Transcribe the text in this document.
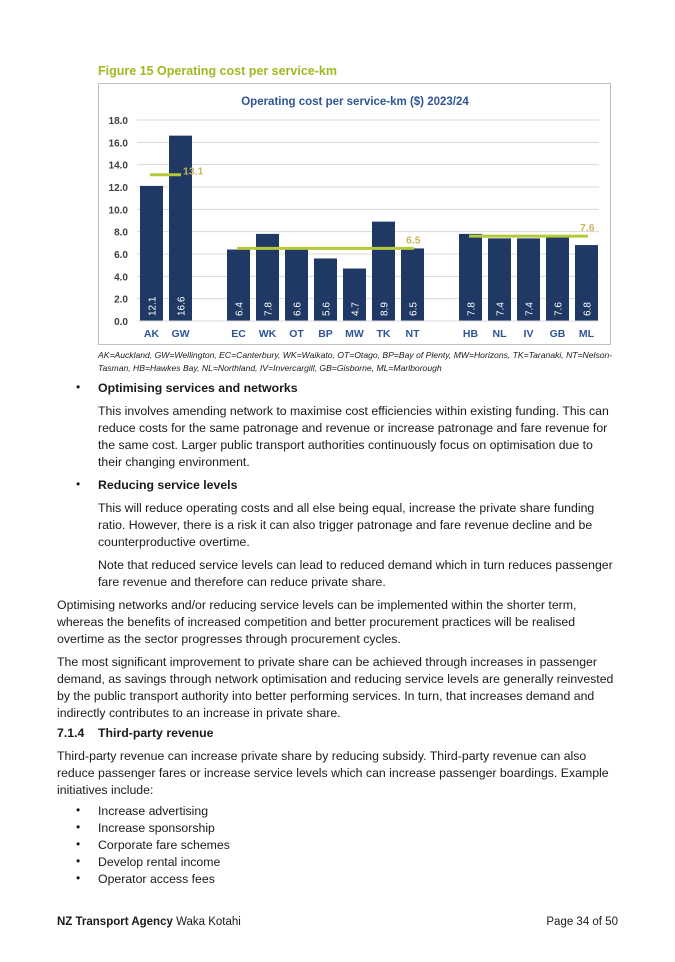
Figure 15 Operating cost per service-km
Operating cost per service-km ($) 2023/24
0.0
2.0
4.0
6.0
8.0
10.0
12.0
14.0
16.0
18.0
12.1
AK
16.6
GW
13.1
6.4
EC
7.8
WK
6.6
OT
5.6
BP
4.7
MW
8.9
TK
6.5
NT
6.5
7.8
HB
7.4
NL
7.4
IV
7.6
GB
6.8
ML
7.6
AK=Auckland, GW=Wellington, EC=Canterbury, WK=Waikato, OT=Otago, BP=Bay of Plenty, MW=Horizons, TK=Taranaki, NT=Nelson-Tasman, HB=Hawkes Bay, NL=Northland, IV=Invercargill, GB=Gisborne, ML=Marlborough
• Optimising services and networks
This involves amending network to maximise cost efficiencies within existing funding. This can reduce costs for the same patronage and revenue or increase patronage and fare revenue for the same cost. Larger public transport authorities continuously focus on optimisation due to their changing environment.
• Reducing service levels
This will reduce operating costs and all else being equal, increase the private share funding ratio. However, there is a risk it can also trigger patronage and fare revenue decline and be counterproductive overtime.
Note that reduced service levels can lead to reduced demand which in turn reduces passenger fare revenue and therefore can reduce private share.
Optimising networks and/or reducing service levels can be implemented within the shorter term, whereas the benefits of increased competition and better procurement practices will be realised overtime as the sector progresses through procurement cycles.
The most significant improvement to private share can be achieved through increases in passenger demand, as savings through network optimisation and reducing service levels are generally reinvested by the public transport authority into better performing services. In turn, that increases demand and indirectly contributes to an increase in private share.
7.1.4 Third-party revenue
Third-party revenue can increase private share by reducing subsidy. Third-party revenue can also reduce passenger fares or increase service levels which can increase passenger boardings. Example initiatives include:
• Increase advertising
• Increase sponsorship
• Corporate fare schemes
• Develop rental income
• Operator access fees
NZ Transport Agency Waka Kotahi	Page 34 of 50
